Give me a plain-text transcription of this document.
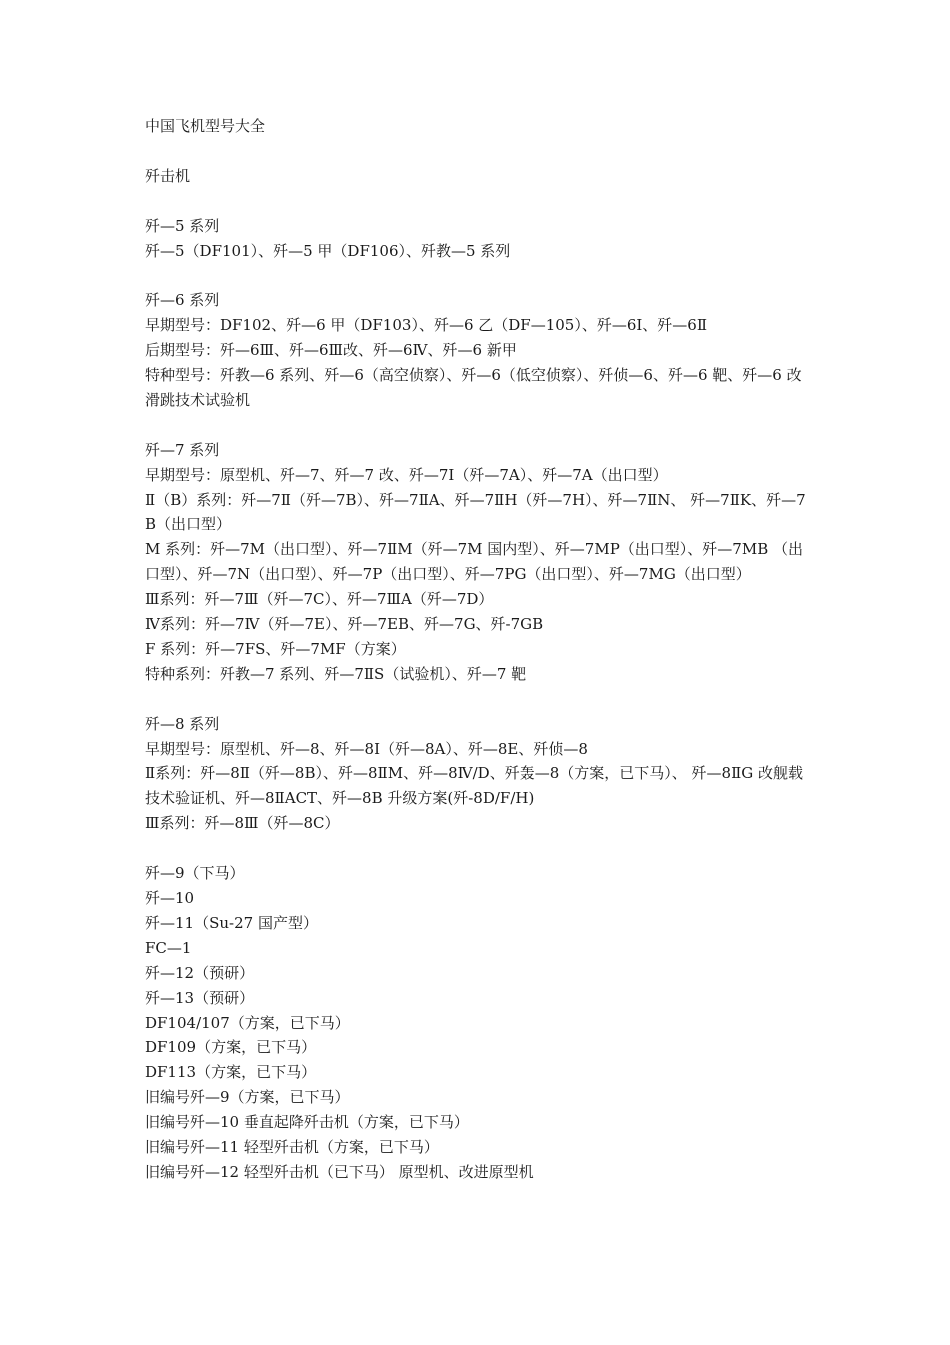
中国飞机型号大全

歼击机

歼—5 系列

歼—5（DF101）、歼—5 甲（DF106）、歼教—5 系列

歼—6 系列

早期型号：DF102、歼—6 甲（DF103）、歼—6 乙（DF—105）、歼—6Ⅰ、歼—6Ⅱ

后期型号：歼—6Ⅲ、歼—6Ⅲ改、歼—6Ⅳ、歼—6 新甲

特种型号：歼教—6 系列、歼—6（高空侦察）、歼—6（低空侦察）、歼侦—6、歼—6 靶、歼—6 改滑跳技术试验机

歼—7 系列

早期型号：原型机、歼—7、歼—7 改、歼—7Ⅰ（歼—7A）、歼—7A（出口型）

Ⅱ（B）系列：歼—7Ⅱ（歼—7B）、歼—7ⅡA、歼—7ⅡH（歼—7H）、歼—7ⅡN、 歼—7ⅡK、歼—7B（出口型）

M 系列：歼—7M（出口型）、歼—7ⅡM（歼—7M 国内型）、歼—7MP（出口型）、歼—7MB （出口型）、歼—7N（出口型）、歼—7P（出口型）、歼—7PG（出口型）、歼—7MG（出口型）

Ⅲ系列：歼—7Ⅲ（歼—7C）、歼—7ⅢA（歼—7D）

Ⅳ系列：歼—7Ⅳ（歼—7E）、歼—7EB、歼—7G、歼-7GB

F 系列：歼—7FS、歼—7MF（方案）

特种系列：歼教—7 系列、歼—7ⅡS（试验机）、歼—7 靶

歼—8 系列

早期型号：原型机、歼—8、歼—8Ⅰ（歼—8A）、歼—8E、歼侦—8

Ⅱ系列：歼—8Ⅱ（歼—8B）、歼—8ⅡM、歼—8Ⅳ/D、歼轰—8（方案，已下马）、 歼—8ⅡG 改舰载技术验证机、歼—8ⅡACT、歼—8B 升级方案(歼-8D/F/H)

Ⅲ系列：歼—8Ⅲ（歼—8C）

歼—9（下马）

歼—10

歼—11（Su-27 国产型）

FC—1

歼—12（预研）

歼—13（预研）

DF104/107（方案，已下马）

DF109（方案，已下马）

DF113（方案，已下马）

旧编号歼—9（方案，已下马）

旧编号歼—10 垂直起降歼击机（方案，已下马）

旧编号歼—11 轻型歼击机（方案，已下马）

旧编号歼—12 轻型歼击机（已下马） 原型机、改进原型机
